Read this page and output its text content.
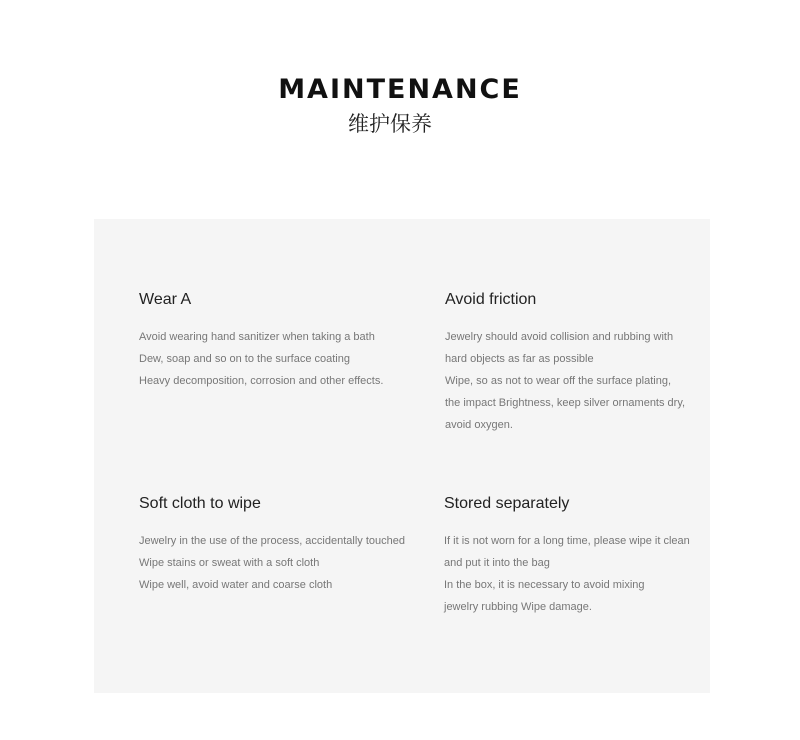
MAINTENANCE
维护保养
Wear A
Avoid wearing hand sanitizer when taking a bath
Dew, soap and so on to the surface coating
Heavy decomposition, corrosion and other effects.
Avoid friction
Jewelry should avoid collision and rubbing with
hard objects as far as possible
Wipe, so as not to wear off the surface plating,
the impact Brightness, keep silver ornaments dry,
avoid oxygen.
Soft cloth to wipe
Jewelry in the use of the process, accidentally touched
Wipe stains or sweat with a soft cloth
Wipe well, avoid water and coarse cloth
Stored separately
If it is not worn for a long time, please wipe it clean
and put it into the bag
In the box, it is necessary to avoid mixing
jewelry rubbing Wipe damage.
